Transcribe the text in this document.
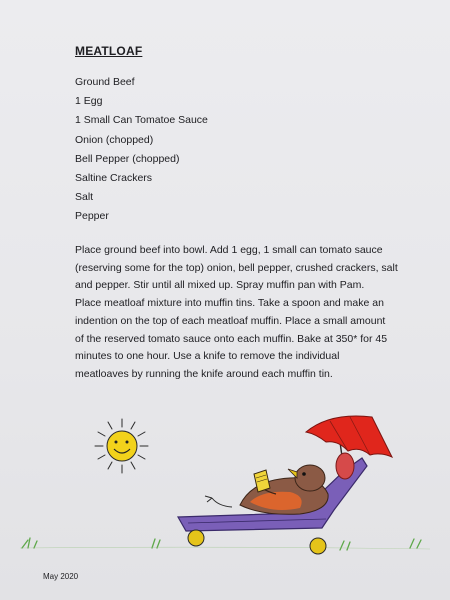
MEATLOAF
Ground Beef
1 Egg
1 Small Can Tomatoe Sauce
Onion (chopped)
Bell Pepper (chopped)
Saltine Crackers
Salt
Pepper

Place ground beef into bowl. Add 1 egg, 1 small can tomato sauce
(reserving some for the top) onion, bell pepper, crushed crackers, salt
and pepper. Stir until all mixed up. Spray muffin pan with Pam.
Place meatloaf mixture into muffin tins. Take a spoon and make an
indention on the top of each meatloaf muffin. Place a small amount
of the reserved tomato sauce onto each muffin. Bake at 350* for 45
minutes to one hour. Use a knife to remove the individual
meatloaves by running the knife around each muffin tin.

May 2020
